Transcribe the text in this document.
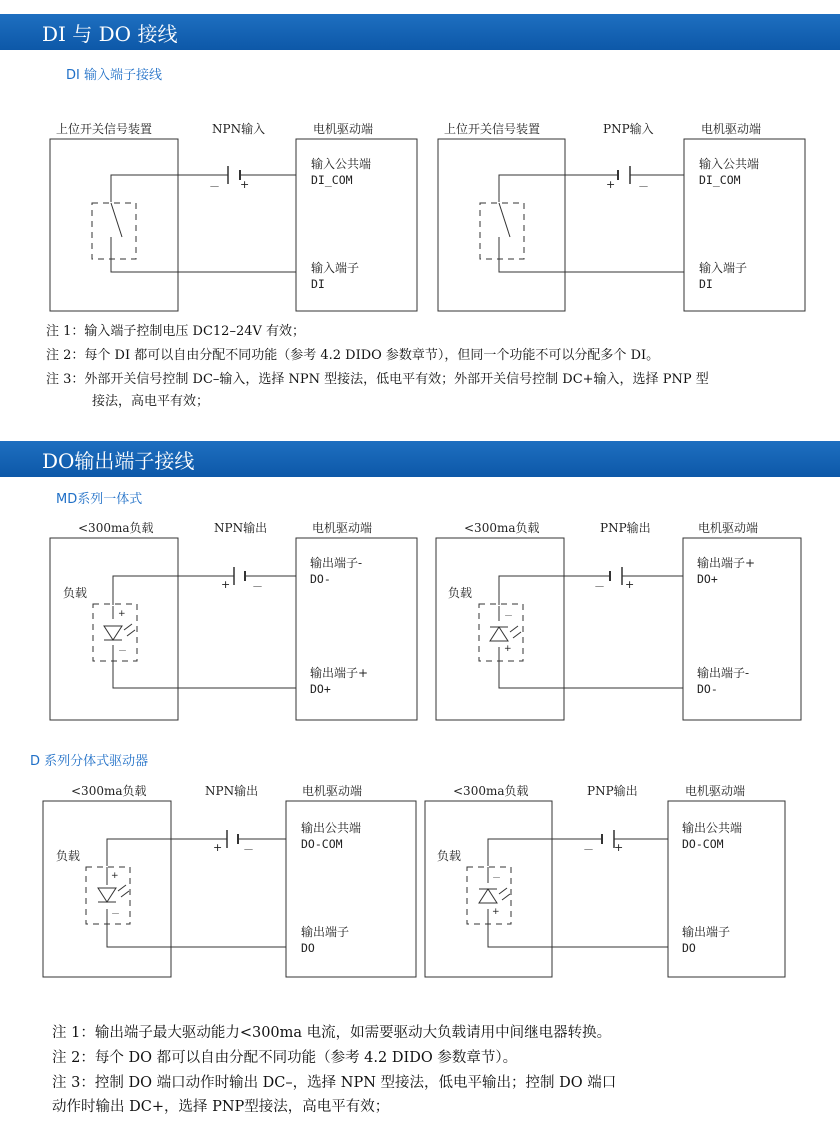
DI 与 DO 接线
DI 输入端子接线
DO输出端子接线
MD系列一体式
D 系列分体式驱动器
上位开关信号装置	NPN输入	电机驱动端
－ +
输入公共端
DI_COM
输入端子
DI
上位开关信号装置	PNP输入	电机驱动端
+ －
输入公共端
DI_COM
输入端子
DI
注 1：输入端子控制电压 DC12–24V 有效；
注 2：每个 DI 都可以自由分配不同功能（参考 4.2 DIDO 参数章节），但同一个功能不可以分配多个 DI。
注 3：外部开关信号控制 DC–输入，选择 NPN 型接法，低电平有效；外部开关信号控制 DC+输入，选择 PNP 型
接法，高电平有效；
<300ma负载	NPN输出	电机驱动端
+ －
负载
+
－
输出端子-
DO-
输出端子+
DO+
<300ma负载	PNP输出	电机驱动端
－ +
负载
－
+
输出端子+
DO+
输出端子-
DO-
<300ma负载	NPN输出	电机驱动端
+ －
负载
+
－
输出公共端
DO-COM
输出端子
DO
<300ma负载	PNP输出	电机驱动端
－ +
负载
－
+
输出公共端
DO-COM
输出端子
DO
注 1：输出端子最大驱动能力<300ma 电流，如需要驱动大负载请用中间继电器转换。
注 2：每个 DO 都可以自由分配不同功能（参考 4.2 DIDO 参数章节）。
注 3：控制 DO 端口动作时输出 DC–，选择 NPN 型接法，低电平输出；控制 DO 端口
动作时输出 DC+，选择 PNP型接法，高电平有效；
